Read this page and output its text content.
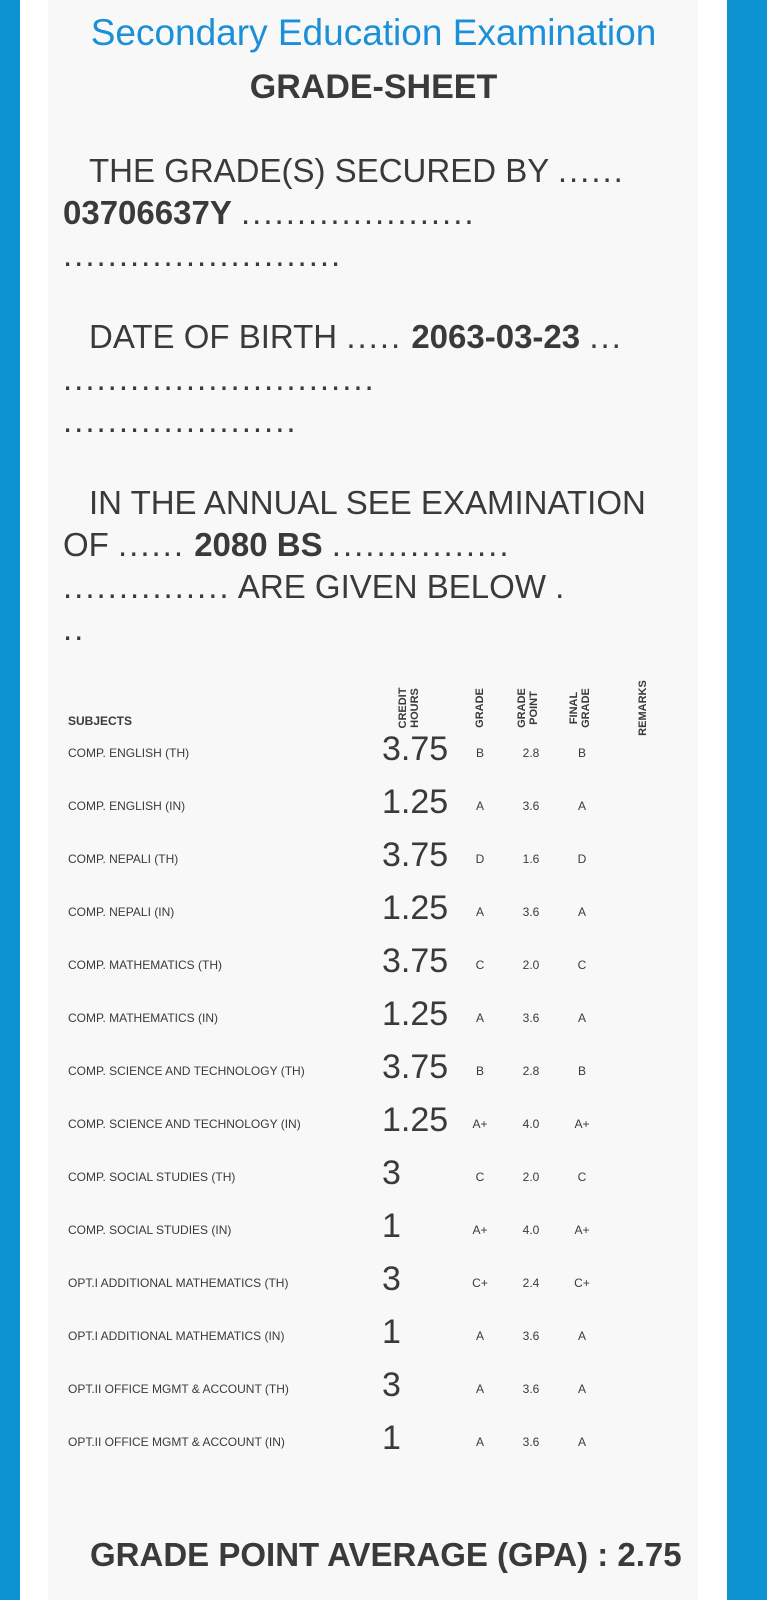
Secondary Education Examination
GRADE-SHEET
THE GRADE(S) SECURED BY ......
03706637Y .....................
.........................
DATE OF BIRTH ..... 2063-03-23 ...
............................
.....................
IN THE ANNUAL SEE EXAMINATION
OF ...... 2080 BS ................
............... ARE GIVEN BELOW .
..
SUBJECTS	CREDIT HOURS	GRADE	GRADE POINT	FINAL GRADE	REMARKS
COMP. ENGLISH (TH)	3.75 B	2.8	B
COMP. ENGLISH (IN)	1.25 A	3.6	A
COMP. NEPALI (TH)	3.75 D	1.6	D
COMP. NEPALI (IN)	1.25 A	3.6	A
COMP. MATHEMATICS (TH)	3.75 C	2.0	C
COMP. MATHEMATICS (IN)	1.25 A	3.6	A
COMP. SCIENCE AND TECHNOLOGY (TH) 3.75 B	2.8	B
COMP. SCIENCE AND TECHNOLOGY (IN) 1.25 A+	4.0	A+
COMP. SOCIAL STUDIES (TH)	3	C	2.0	C
COMP. SOCIAL STUDIES (IN)	1	A+	4.0	A+
OPT.I ADDITIONAL MATHEMATICS (TH)	3	C+	2.4	C+
OPT.I ADDITIONAL MATHEMATICS (IN)	1	A	3.6	A
OPT.II OFFICE MGMT & ACCOUNT (TH)	3	A	3.6	A
OPT.II OFFICE MGMT & ACCOUNT (IN)	1	A	3.6	A
GRADE POINT AVERAGE (GPA) : 2.75
